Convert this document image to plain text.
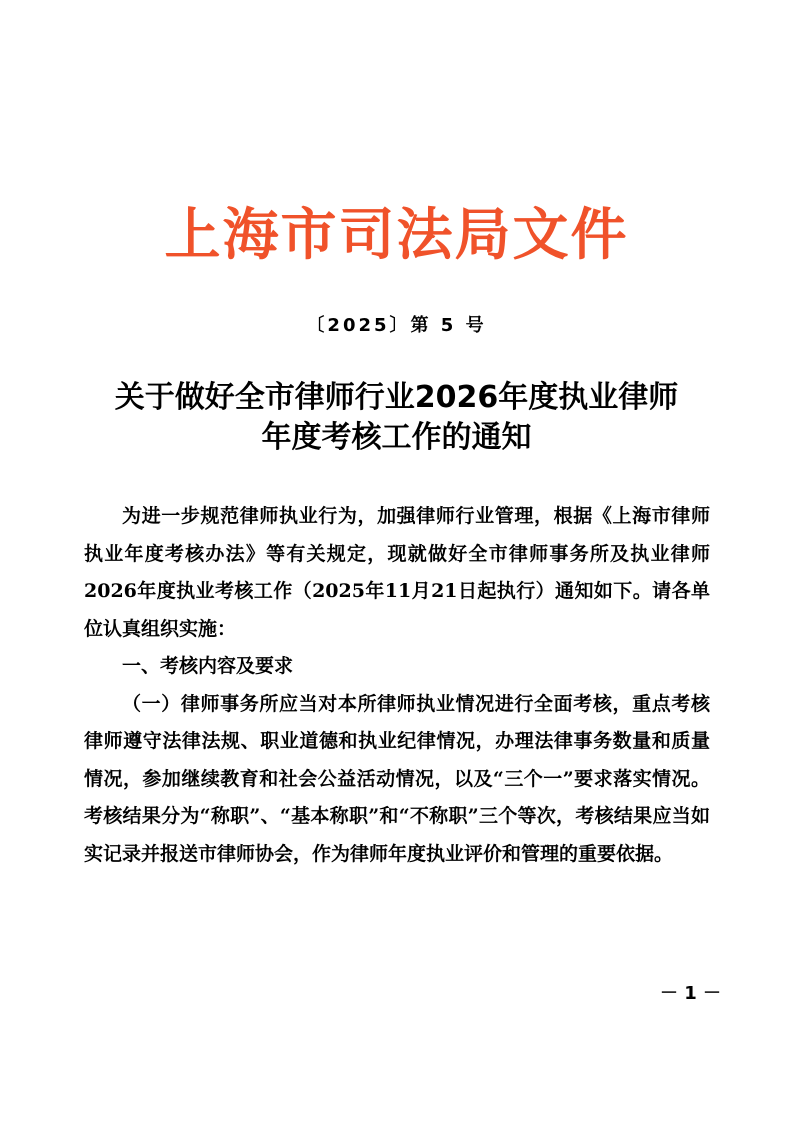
上海市司法局文件
〔2025〕第 5 号
关于做好全市律师行业2026年度执业律师
年度考核工作的通知

为进一步规范律师执业行为，加强律师行业管理，根据《上海市律师执业年度考核办法》等有关规定，现就做好全市律师事务所及执业律师2026年度执业考核工作（2025年11月21日起执行）通知如下。请各单位认真组织实施：

一、考核内容及要求

（一）律师事务所应当对本所律师执业情况进行全面考核，重点考核律师遵守法律法规、职业道德和执业纪律情况，办理法律事务数量和质量情况，参加继续教育和社会公益活动情况，以及“三个一”要求落实情况。考核结果分为“称职”、“基本称职”和“不称职”三个等次，考核结果应当如实记录并报送市律师协会，作为律师年度执业评价和管理的重要依据。

－ 1 －
